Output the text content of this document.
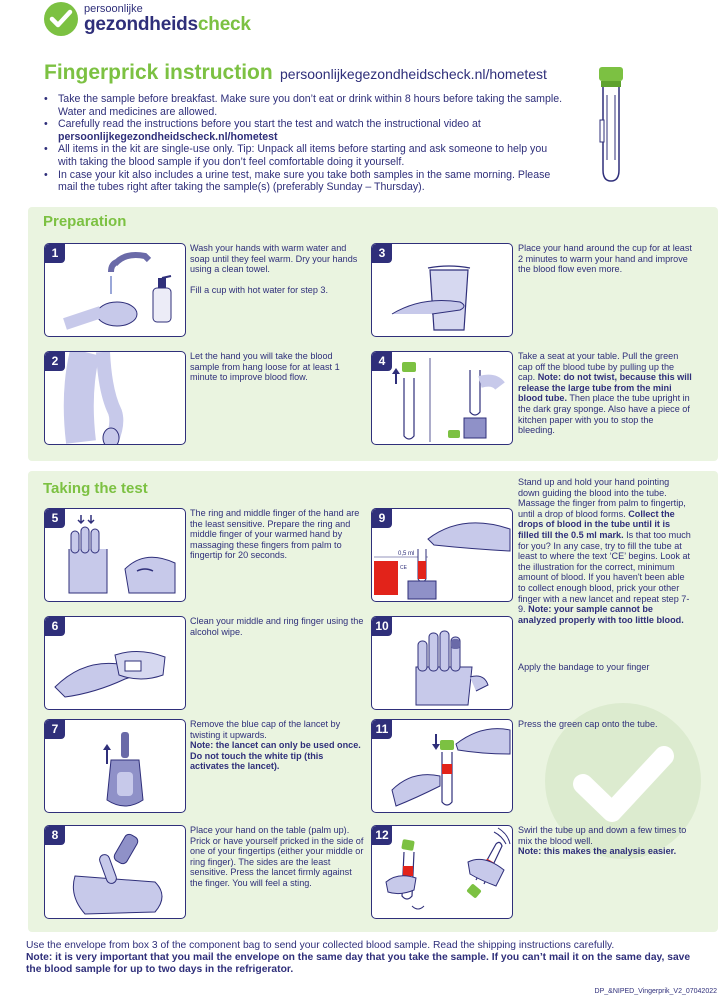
persoonlijke
gezondheidscheck
Fingerprick instruction persoonlijkegezondheidscheck.nl/hometest
• Take the sample before breakfast. Make sure you don’t eat or drink within 8 hours before taking the sample. Water and medicines are allowed.
• Carefully read the instructions before you start the test and watch the instructional video at
persoonlijkegezondheidscheck.nl/hometest
• All items in the kit are single-use only. Tip: Unpack all items before starting and ask someone to help you with taking the blood sample if you don’t feel comfortable doing it yourself.
• In case your kit also includes a urine test, make sure you take both samples in the same morning. Please mail the tubes right after taking the sample(s) (preferably Sunday – Thursday).
Preparation
1	Wash your hands with warm water and soap until they feel warm. Dry your hands using a clean towel.

Fill a cup with hot water for step 3.

2	Let the hand you will take the blood sample from hang loose for at least 1 minute to improve blood flow.

3	Place your hand around the cup for at least 2 minutes to warm your hand and improve the blood flow even more.

4	Take a seat at your table. Pull the green cap off the blood tube by pulling up the cap. Note: do not twist, because this will release the large tube from the mini blood tube. Then place the tube upright in the dark gray sponge. Also have a piece of kitchen paper with you to stop the bleeding.

Taking the test
5	The ring and middle finger of the hand are the least sensitive. Prepare the ring and middle finger of your warmed hand by massaging these fingers from palm to fingertip for 20 seconds.

6	Clean your middle and ring finger using the alcohol wipe.

7	Remove the blue cap of the lancet by twisting it upwards.
Note: the lancet can only be used once. Do not touch the white tip (this activates the lancet).

8	Place your hand on the table (palm up). Prick or have yourself pricked in the side of one of your fingertips (either your middle or ring finger). The sides are the least sensitive. Press the lancet firmly against the finger. You will feel a sting.

9
0,5 ml
CE

Stand up and hold your hand pointing down guiding the blood into the tube. Massage the finger from palm to fingertip, until a drop of blood forms. Collect the drops of blood in the tube until it is filled till the 0.5 ml mark. Is that too much for you? In any case, try to fill the tube at least to where the text ‘CE’ begins. Look at the illustration for the correct, minimum amount of blood. If you haven't been able to collect enough blood, prick your other finger with a new lancet and repeat step 7-9. Note: your sample cannot be analyzed properly with too little blood.

10

Apply the bandage to your finger

11	Press the green cap onto the tube.

12	Swirl the tube up and down a few times to mix the blood well.
Note: this makes the analysis easier.

Use the envelope from box 3 of the component bag to send your collected blood sample. Read the shipping instructions carefully.
Note: it is very important that you mail the envelope on the same day that you take the sample. If you can’t mail it on the same day, save the blood sample for up to two days in the refrigerator.
DP_&NIPED_Vingerprik_V2_07042022
